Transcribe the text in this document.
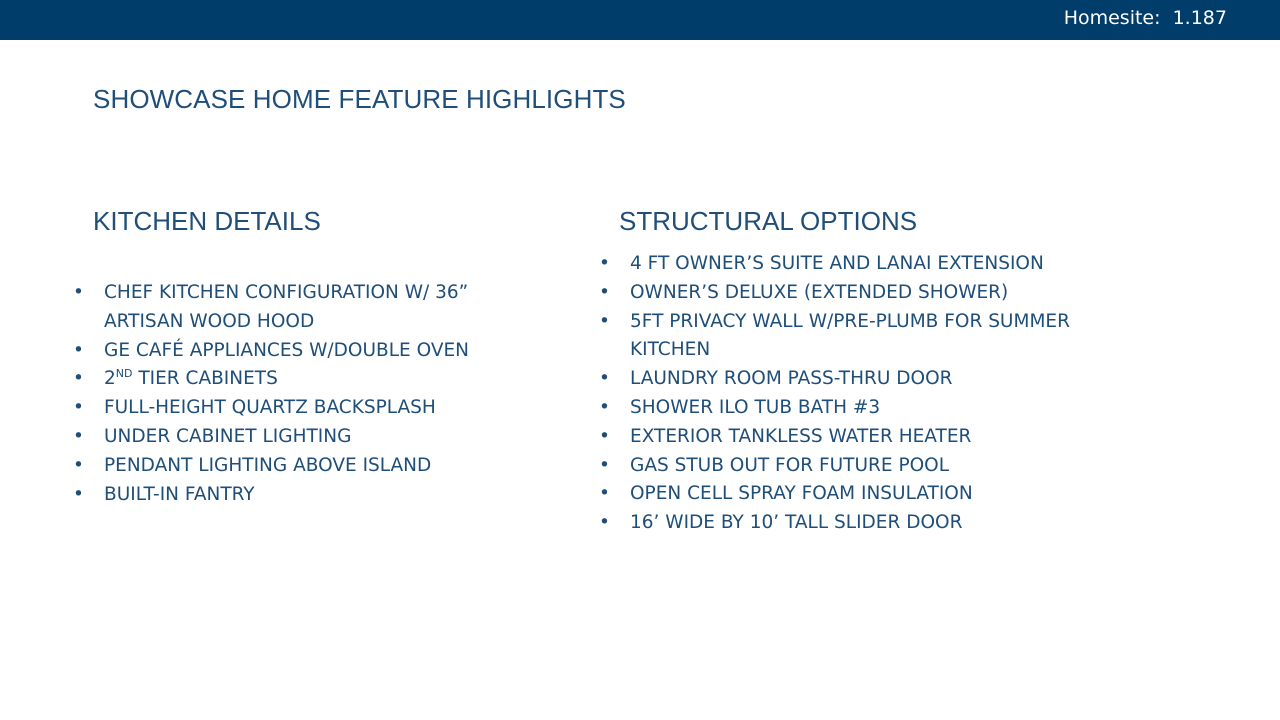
Homesite:  1.187
SHOWCASE HOME FEATURE HIGHLIGHTS
KITCHEN DETAILS
• CHEF KITCHEN CONFIGURATION W/ 36” ARTISAN WOOD HOOD
• GE CAFÉ APPLIANCES W/DOUBLE OVEN
• 2ND TIER CABINETS
• FULL-HEIGHT QUARTZ BACKSPLASH
• UNDER CABINET LIGHTING
• PENDANT LIGHTING ABOVE ISLAND
• BUILT-IN FANTRY
STRUCTURAL OPTIONS
• 4 FT OWNER’S SUITE AND LANAI EXTENSION
• OWNER’S DELUXE (EXTENDED SHOWER)
• 5FT PRIVACY WALL W/PRE-PLUMB FOR SUMMER KITCHEN
• LAUNDRY ROOM PASS-THRU DOOR
• SHOWER ILO TUB BATH #3
• EXTERIOR TANKLESS WATER HEATER
• GAS STUB OUT FOR FUTURE POOL
• OPEN CELL SPRAY FOAM INSULATION
• 16’ WIDE BY 10’ TALL SLIDER DOOR
